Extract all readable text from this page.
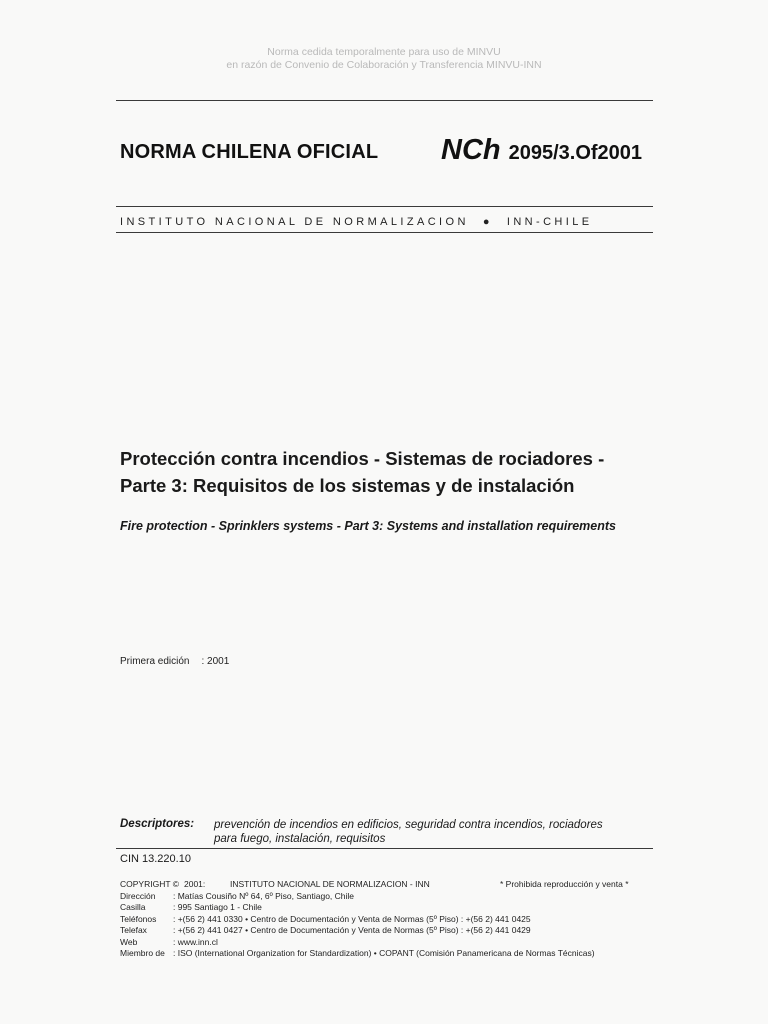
Norma cedida temporalmente para uso de MINVU
en razón de Convenio de Colaboración y Transferencia MINVU-INN
NORMA CHILENA OFICIAL NCh 2095/3.Of2001
INSTITUTO NACIONAL DE NORMALIZACION ● INN-CHILE
Protección contra incendios - Sistemas de rociadores -
Parte 3: Requisitos de los sistemas y de instalación
Fire protection - Sprinklers systems - Part 3: Systems and installation requirements
Primera edición : 2001
Descriptores: prevención de incendios en edificios, seguridad contra incendios, rociadores
para fuego, instalación, requisitos
CIN 13.220.10
COPYRIGHT © 2001:	INSTITUTO NACIONAL DE NORMALIZACION - INN	* Prohibida reproducción y venta *
Dirección : Matías Cousiño Nº 64, 6º Piso, Santiago, Chile
Casilla	: 995 Santiago 1 - Chile
Teléfonos : +(56 2) 441 0330 • Centro de Documentación y Venta de Normas (5º Piso) : +(56 2) 441 0425
Telefax	: +(56 2) 441 0427 • Centro de Documentación y Venta de Normas (5º Piso) : +(56 2) 441 0429
Web	: www.inn.cl
Miembro de : ISO (International Organization for Standardization) • COPANT (Comisión Panamericana de Normas Técnicas)
